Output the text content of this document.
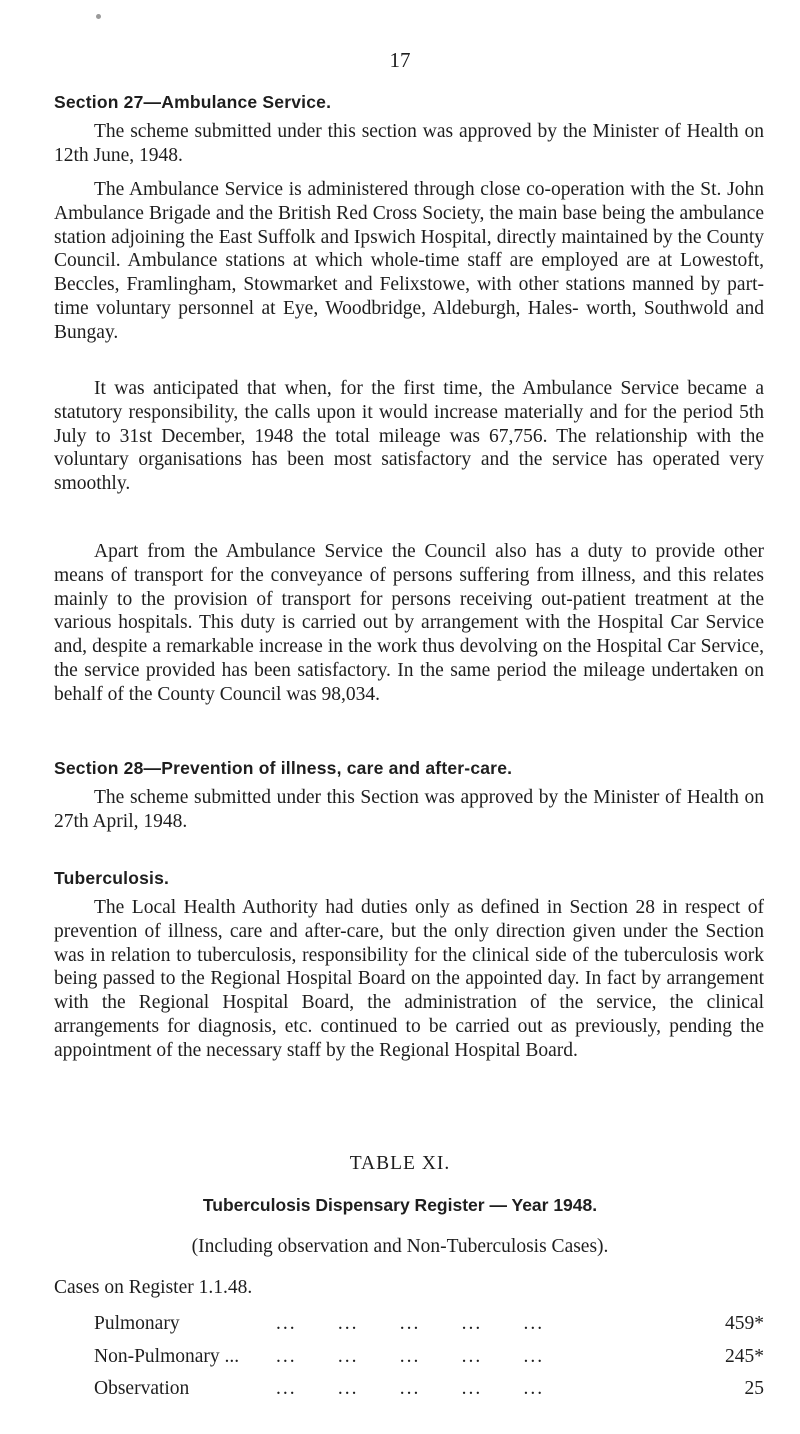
17
Section 27—Ambulance Service.

The scheme submitted under this section was approved by the Minister of Health on 12th June, 1948.

The Ambulance Service is administered through close co-operation with the St. John Ambulance Brigade and the British Red Cross Society, the main base being the ambulance station adjoining the East Suffolk and Ipswich Hospital, directly maintained by the County Council. Ambulance stations at which whole-time staff are employed are at Lowestoft, Beccles, Framlingham, Stowmarket and Felixstowe, with other stations manned by part-time voluntary personnel at Eye, Woodbridge, Aldeburgh, Hales- worth, Southwold and Bungay.

It was anticipated that when, for the first time, the Ambulance Service became a statutory responsibility, the calls upon it would increase materially and for the period 5th July to 31st December, 1948 the total mileage was 67,756. The relationship with the voluntary organisations has been most satisfactory and the service has operated very smoothly.

Apart from the Ambulance Service the Council also has a duty to provide other means of transport for the conveyance of persons suffering from illness, and this relates mainly to the provision of transport for persons receiving out-patient treatment at the various hospitals. This duty is carried out by arrangement with the Hospital Car Service and, despite a remarkable increase in the work thus devolving on the Hospital Car Service, the service provided has been satisfactory. In the same period the mileage undertaken on behalf of the County Council was 98,034.

Section 28—Prevention of illness, care and after-care.

The scheme submitted under this Section was approved by the Minister of Health on 27th April, 1948.

Tuberculosis.

The Local Health Authority had duties only as defined in Section 28 in respect of prevention of illness, care and after-care, but the only direction given under the Section was in relation to tuberculosis, responsibility for the clinical side of the tuberculosis work being passed to the Regional Hospital Board on the appointed day. In fact by arrangement with the Regional Hospital Board, the administration of the service, the clinical arrangements for diagnosis, etc. continued to be carried out as previously, pending the appointment of the necessary staff by the Regional Hospital Board.

TABLE XI.
Tuberculosis Dispensary Register — Year 1948.
(Including observation and Non-Tuberculosis Cases).
Cases on Register 1.1.48.
Pulmonary	...      ...      ...      ...      ...	459*
Non-Pulmonary ... ...      ...      ...      ...      ...	245*
Observation	...      ...      ...      ...      ...	25
